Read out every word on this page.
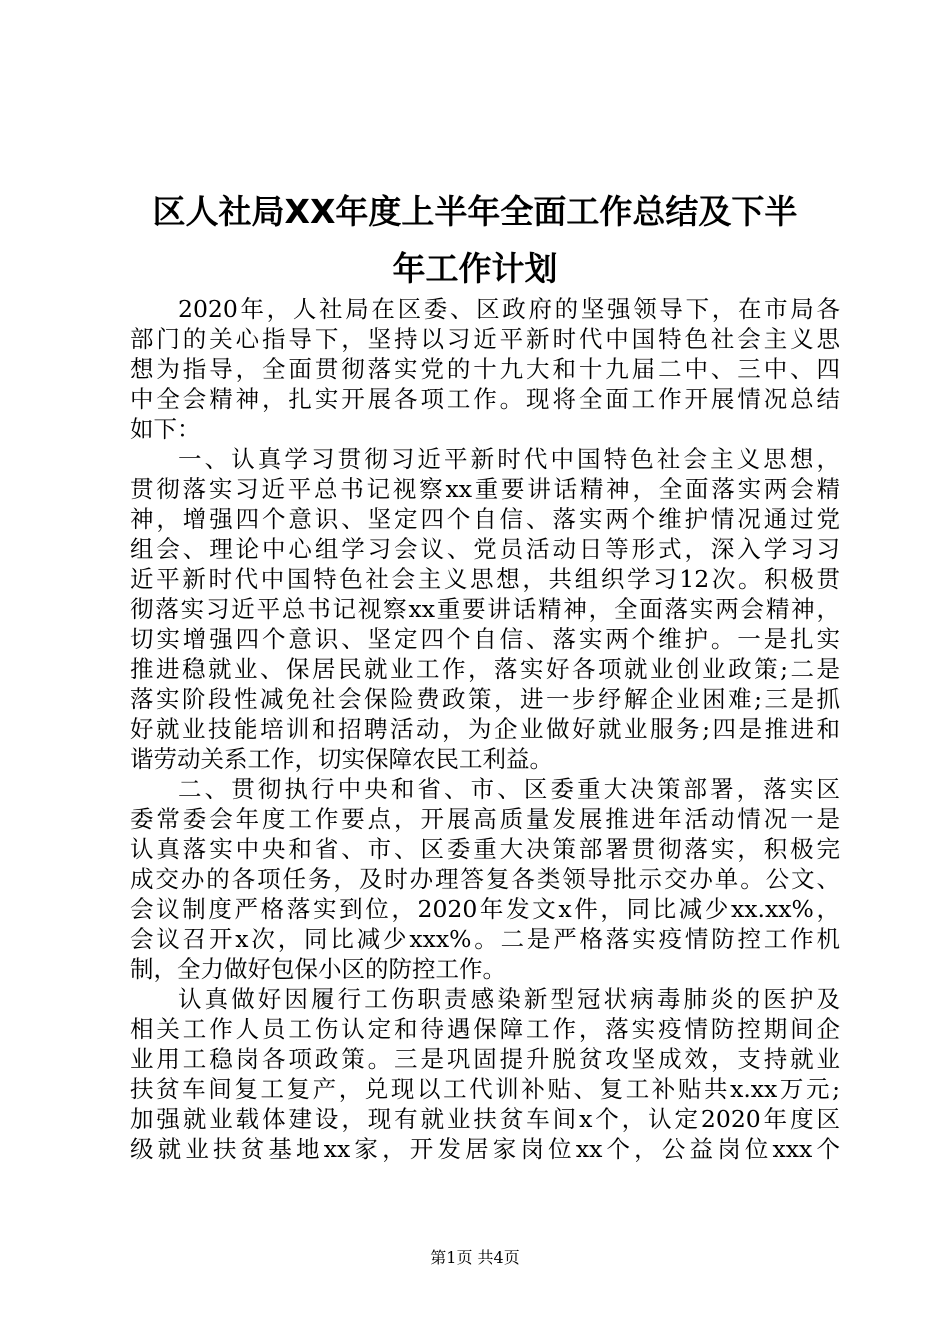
区人社局XX年度上半年全面工作总结及下半
年工作计划

2020年，人社局在区委、区政府的坚强领导下，在市局各
部门的关心指导下，坚持以习近平新时代中国特色社会主义思
想为指导，全面贯彻落实党的十九大和十九届二中、三中、四
中全会精神，扎实开展各项工作。现将全面工作开展情况总结
如下：

一、认真学习贯彻习近平新时代中国特色社会主义思想，
贯彻落实习近平总书记视察xx重要讲话精神，全面落实两会精
神，增强四个意识、坚定四个自信、落实两个维护情况通过党
组会、理论中心组学习会议、党员活动日等形式，深入学习习
近平新时代中国特色社会主义思想，共组织学习12次。积极贯
彻落实习近平总书记视察xx重要讲话精神，全面落实两会精神，
切实增强四个意识、坚定四个自信、落实两个维护。一是扎实
推进稳就业、保居民就业工作，落实好各项就业创业政策;二是
落实阶段性减免社会保险费政策，进一步纾解企业困难;三是抓
好就业技能培训和招聘活动，为企业做好就业服务;四是推进和
谐劳动关系工作，切实保障农民工利益。

二、贯彻执行中央和省、市、区委重大决策部署，落实区
委常委会年度工作要点，开展高质量发展推进年活动情况一是
认真落实中央和省、市、区委重大决策部署贯彻落实，积极完
成交办的各项任务，及时办理答复各类领导批示交办单。公文、
会议制度严格落实到位，2020年发文x件，同比减少xx.xx%，
会议召开x次，同比减少xxx%。二是严格落实疫情防控工作机
制，全力做好包保小区的防控工作。

认真做好因履行工伤职责感染新型冠状病毒肺炎的医护及
相关工作人员工伤认定和待遇保障工作，落实疫情防控期间企
业用工稳岗各项政策。三是巩固提升脱贫攻坚成效，支持就业
扶贫车间复工复产，兑现以工代训补贴、复工补贴共x.xx万元;
加强就业载体建设，现有就业扶贫车间x个，认定2020年度区
级就业扶贫基地xx家，开发居家岗位xx个，公益岗位xxx个

第1页 共4页
